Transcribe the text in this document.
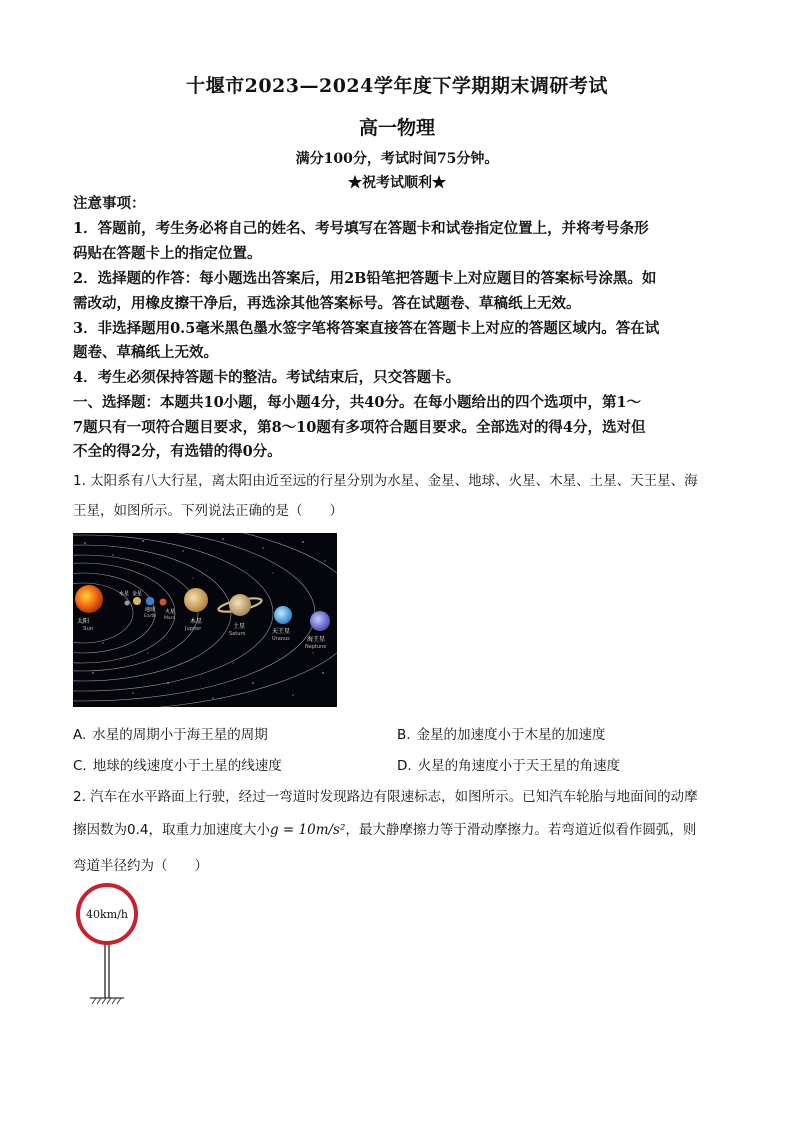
十堰市2023—2024学年度下学期期末调研考试
高一物理
满分100分，考试时间75分钟。
★祝考试顺利★
注意事项：
1．答题前，考生务必将自己的姓名、考号填写在答题卡和试卷指定位置上，并将考号条形
码贴在答题卡上的指定位置。
2．选择题的作答：每小题选出答案后，用2B铅笔把答题卡上对应题目的答案标号涂黑。如
需改动，用橡皮擦干净后，再选涂其他答案标号。答在试题卷、草稿纸上无效。
3．非选择题用0.5毫米黑色墨水签字笔将答案直接答在答题卡上对应的答题区域内。答在试
题卷、草稿纸上无效。
4．考生必须保持答题卡的整洁。考试结束后，只交答题卡。
一、选择题：本题共10小题，每小题4分，共40分。在每小题给出的四个选项中，第1～
7题只有一项符合题目要求，第8～10题有多项符合题目要求。全部选对的得4分，选对但
不全的得2分，有选错的得0分。
1. 太阳系有八大行星，离太阳由近至远的行星分别为水星、金星、地球、火星、木星、土星、天王星、海
王星，如图所示。下列说法正确的是（　　）
太阳
Sun
水星 金星
地球
Earth
火星
Mars	木星
Jupiter	土星
Saturn	天王星
Uranus	海王星
Neptune
A. 水星的周期小于海王星的周期	B. 金星的加速度小于木星的加速度
C. 地球的线速度小于土星的线速度	D. 火星的角速度小于天王星的角速度
2. 汽车在水平路面上行驶，经过一弯道时发现路边有限速标志，如图所示。已知汽车轮胎与地面间的动摩
擦因数为0.4，取重力加速度大小g = 10m/s²，最大静摩擦力等于滑动摩擦力。若弯道近似看作圆弧，则
弯道半径约为（　　）
40km/h
